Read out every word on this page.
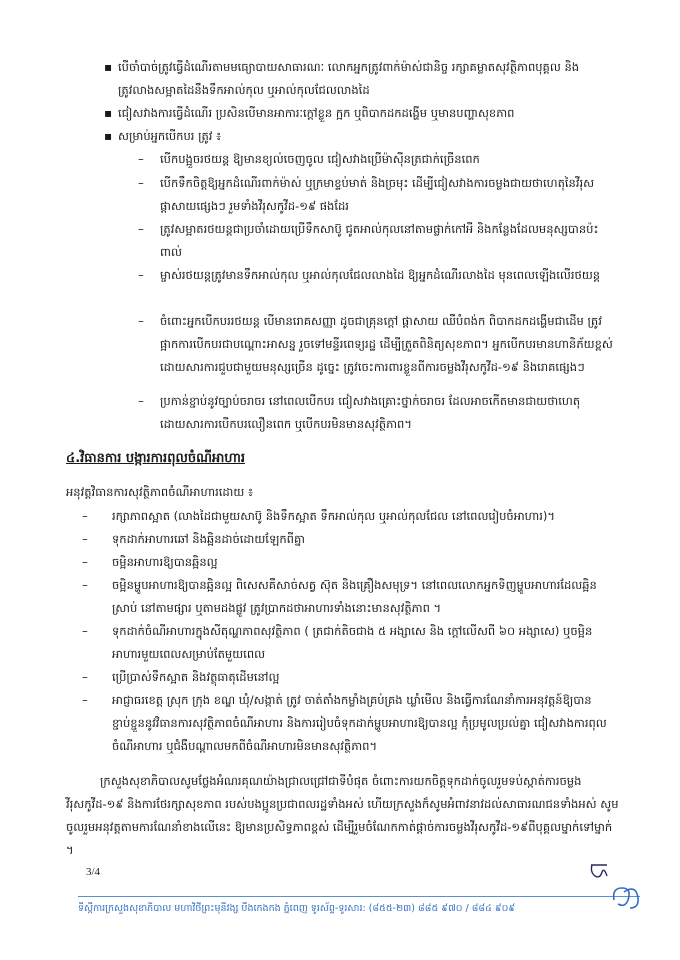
▪ បើចាំបាច់ត្រូវធ្វើដំណើរតាមមធ្យោបាយសាធារណៈ លោកអ្នកត្រូវពាក់ម៉ាស់ជានិច្ច រក្សាគម្លាតសុវត្ថិភាពបុគ្គល និងត្រូវលាងសម្អាតដៃនឹងទឹកអាល់កុល ឬអាល់កុលជែលលាងដៃ
▪ ជៀសវាងការធ្វើដំណើរ ប្រសិនបើមានអាការៈក្តៅខ្លួន ក្អក ឬពិបាកដកដង្ហើម ឬមានបញ្ហាសុខភាព
▪ សម្រាប់អ្នកបើកបរ ត្រូវ ៖
– បើកបង្អួចរថយន្ត ឱ្យមានខ្យល់ចេញចូល ជៀសវាងប្រើម៉ាស៊ីនត្រជាក់ច្រើនពេក
– បើកទឹកចិត្តឱ្យអ្នកដំណើរពាក់ម៉ាស់ ឬក្រមាខ្ទប់មាត់ និងច្រមុះ ដើម្បីជៀសវាងការចម្លងជាយថាហេតុនៃវីរុសផ្តាសាយផ្សេងៗ រួមទាំងវីរុសកូវីដ-១៩ ផងដែរ
– ត្រូវសម្អាតរថយន្តជាប្រចាំដោយប្រើទឹកសាប៊ូ ជូតអាល់កុលនៅតាមផ្លាក់កៅអី និងកន្លែងដែលមនុស្សបានប៉ះពាល់
– ម្ចាស់រថយន្តត្រូវមានទឹកអាល់កុល ឬអាល់កុលជែលលាងដៃ ឱ្យអ្នកដំណើរលាងដៃ មុនពេលឡើងលើរថយន្ត
– ចំពោះអ្នកបើកបររថយន្ត បើមានរោគសញ្ញា ដូចជាគ្រុនក្តៅ ផ្តាសាយ ឈឺបំពង់ក ពិបាកដកដង្ហើមជាដើម ត្រូវផ្អាកការបើកបរជាបណ្តោះអាសន្ន រួចទៅមន្ទីរពេទ្យរដ្ឋ ដើម្បីត្រួតពិនិត្យសុខភាព។ អ្នកបើកបរមានហានិភ័យខ្ពស់ ដោយសារការជួបជាមួយមនុស្សច្រើន ដូច្នេះ ត្រូវចេះការពារខ្លួនពីការចម្លងវីរុសកូវីដ-១៩ និងរោគផ្សេងៗ
– ប្រកាន់ខ្ជាប់នូវច្បាប់ចរាចរ នៅពេលបើកបរ ជៀសវាងគ្រោះថ្នាក់ចរាចរ ដែលអាចកើតមានជាយថាហេតុ ដោយសារការបើកបរលឿនពេក ឬបើកបរមិនមានសុវត្ថិភាព។
៤.វិធានការ បង្ការការពុលចំណីអាហារ
អនុវត្តវិធានការសុវត្ថិភាពចំណីអាហារដោយ ៖
– រក្សាភាពស្អាត (លាងដៃជាមួយសាប៊ូ និងទឹកស្អាត ទឹកអាល់កុល ឬអាល់កុលជែល នៅពេលរៀបចំអាហារ)។
– ទុកដាក់អាហារឆៅ និងឆ្អិនដាច់ដោយឡែកពីគ្នា
– ចម្អិនអាហារឱ្យបានឆ្អិនល្អ
– ចម្អិនម្ហូបអាហារឱ្យបានឆ្អិនល្អ ពិសេសគឺសាច់សត្វ ស៊ុត និងគ្រឿងសមុទ្រ។ នៅពេលលោកអ្នកទិញម្ហូបអាហារដែលឆ្អិនស្រាប់ នៅតាមផ្សារ ឬតាមដងផ្លូវ ត្រូវប្រាកដថាអាហារទាំងនោះមានសុវត្ថិភាព ។
– ទុកដាក់ចំណីអាហារក្នុងសីតុណ្ហភាពសុវត្ថិភាព ( ត្រជាក់តិចជាង ៥ អង្សាសេ និង ក្តៅលើសពី ៦០ អង្សាសេ) ឬចម្អិនអាហារមួយពេលសម្រាប់តែមួយពេល
– ប្រើប្រាស់ទឹកស្អាត និងវត្ថុធាតុដើមនៅល្អ
– អាជ្ញាធរខេត្ត ស្រុក ក្រុង ខណ្ឌ ឃុំ/សង្កាត់ ត្រូវ ចាត់តាំងកម្លាំងគ្រប់គ្រង ឃ្លាំមើល និងធ្វើការណែនាំការអនុវត្តន៍ឱ្យបានខ្ជាប់ខ្ជួននូវវិធានការសុវត្ថិភាពចំណីអាហារ និងការរៀបចំទុកដាក់ម្ហូបអាហារឱ្យបានល្អ កុំប្រមូលប្រល់គ្នា ជៀសវាងការពុលចំណីអាហារ ឬជំងឺបណ្តាលមកពីចំណីអាហារមិនមានសុវត្ថិភាព។
ក្រសួងសុខាភិបាលសូមថ្លែងអំណរគុណយ៉ាងជ្រាលជ្រៅជាទីបំផុត ចំពោះការយកចិត្តទុកដាក់ចូលរួមទប់ស្កាត់ការចម្លងវីរុសកូវីដ-១៩ និងការថែរក្សាសុខភាព របស់បងប្អូនប្រជាពលរដ្ឋទាំងអស់ ហើយក្រសួងក៏សូមអំពាវនាវដល់សាធារណជនទាំងអស់ សូមចូលរួមអនុវត្តតាមការណែនាំខាងលើនេះ ឱ្យមានប្រសិទ្ធភាពខ្ពស់ ដើម្បីរួមចំណែកកាត់ផ្តាច់ការចម្លងវីរុសកូវីដ-១៩ពីបុគ្គលម្នាក់ទៅម្នាក់ ។
3/4
ទីស្តីការក្រសួងសុខាភិបាល មហាវិថីព្រះមុនីវង្ស បឹងកេងកង ភ្នំពេញ ទូរស័ព្ទ-ទូរសារ: (៨៥៥-២៣) ៨៨៥ ៩៧០ / ៨៨៤ ៩០៩
